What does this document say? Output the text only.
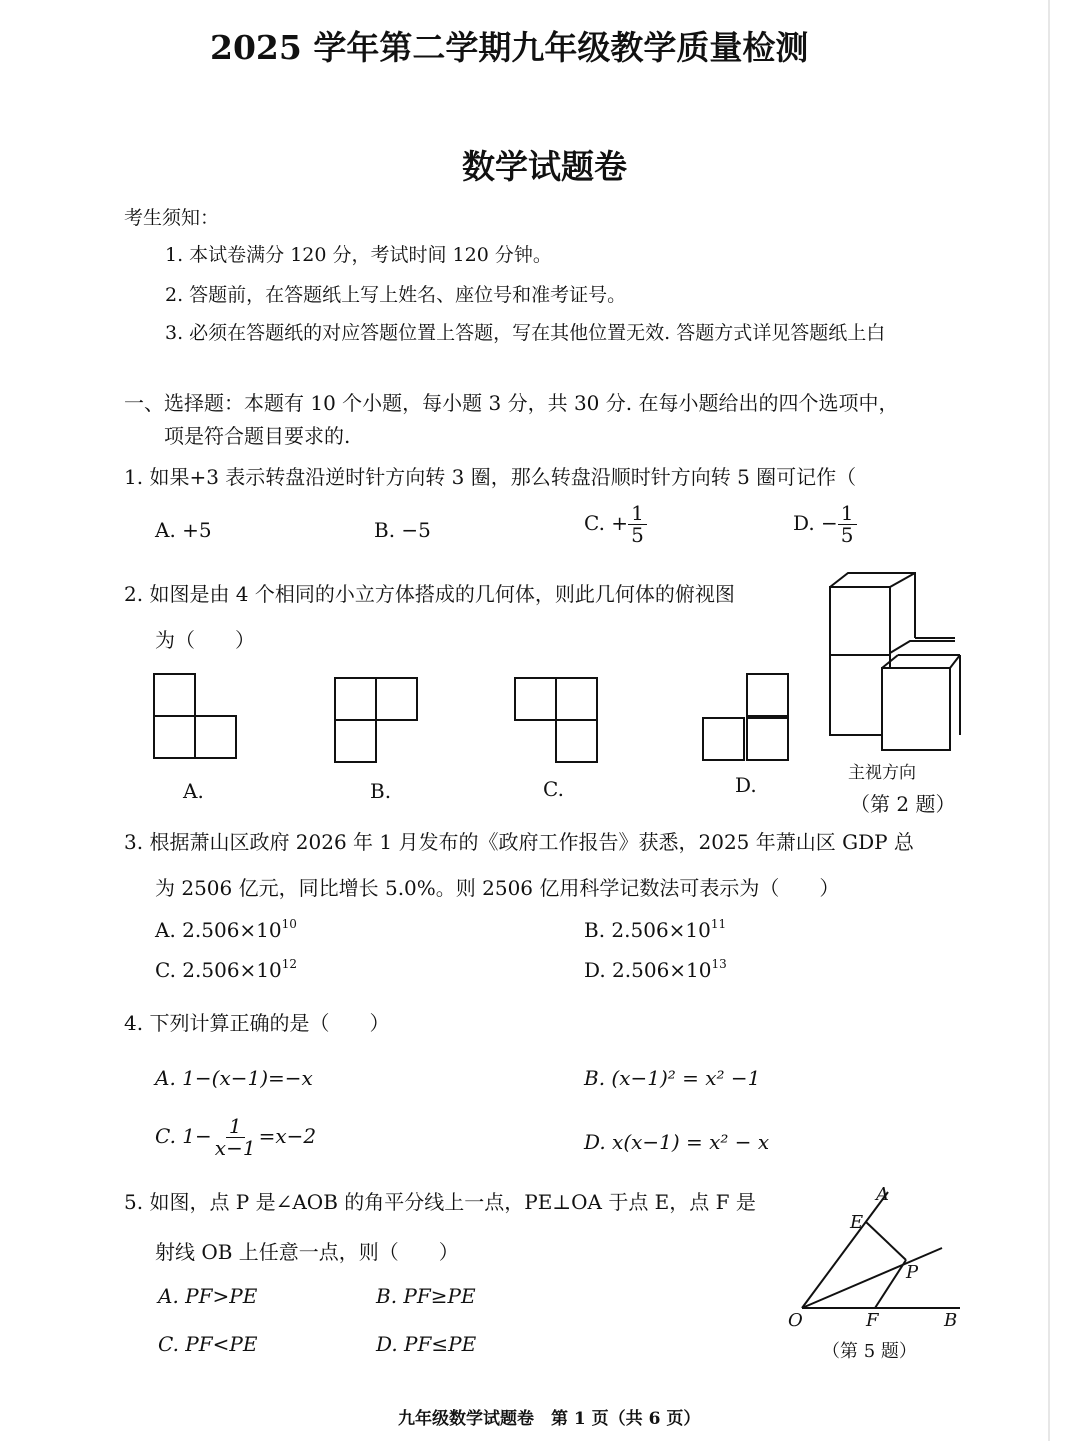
2025 学年第二学期九年级教学质量检测
数学试题卷
考生须知：
1. 本试卷满分 120 分，考试时间 120 分钟。
2. 答题前，在答题纸上写上姓名、座位号和准考证号。
3. 必须在答题纸的对应答题位置上答题，写在其他位置无效. 答题方式详见答题纸上白
一、选择题：本题有 10 个小题，每小题 3 分，共 30 分. 在每小题给出的四个选项中，
项是符合题目要求的.
1. 如果+3 表示转盘沿逆时针方向转 3 圈，那么转盘沿顺时针方向转 5 圈可记作（
A. +5	B. −5	C. + $\frac{1}{5}$	D. − $\frac{1}{5}$
2. 如图是由 4 个相同的小立方体搭成的几何体，则此几何体的俯视图
为（　　）
A.	B.	C.	D.	主视方向
（第 2 题）
3. 根据萧山区政府 2026 年 1 月发布的《政府工作报告》获悉，2025 年萧山区 GDP 总
为 2506 亿元，同比增长 5.0%。则 2506 亿用科学记数法可表示为（　　）
A. $2.506\times 10^{10}$	B. $2.506\times 10^{11}$
C. $2.506\times 10^{12}$	D. $2.506\times 10^{13}$
4. 下列计算正确的是（　　）
A. 1−(x−1)=−x	B. (x−1)² = x² −1
C. $1- \frac{1}{x-1} =x-2$	D. x(x−1) = x² − x
5. 如图，点 P 是∠AOB 的角平分线上一点，PE⊥OA 于点 E，点 F 是
射线 OB 上任意一点，则（　　）
A. PF>PE	B. PF≥PE
C. PF<PE	D. PF≤PE
A
E
P
O	F	B
（第 5 题）
九年级数学试题卷　第 1 页（共 6 页）
